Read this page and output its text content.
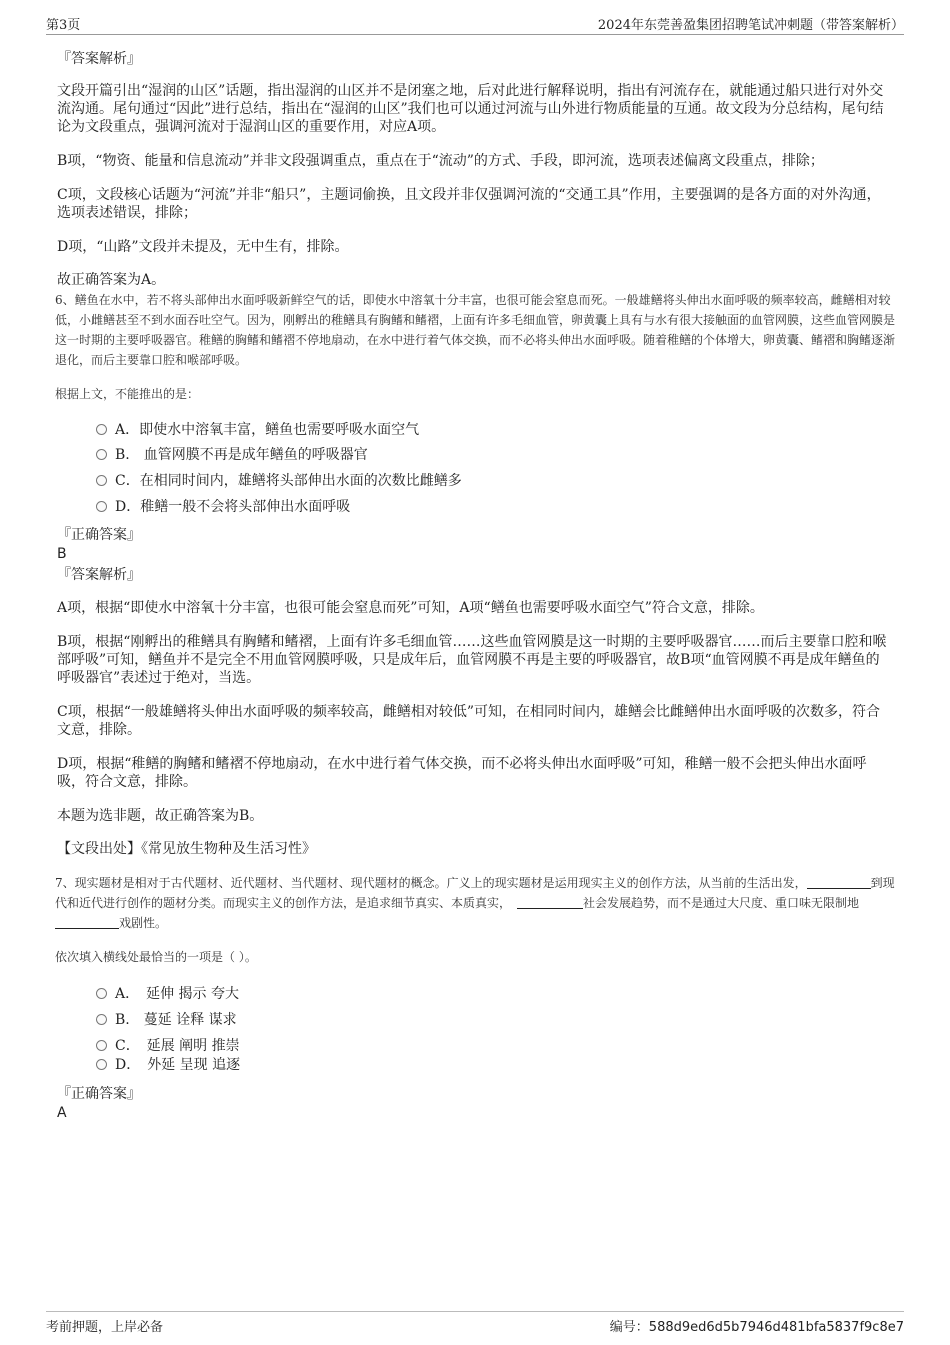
第3页	2024年东莞善盈集团招聘笔试冲刺题（带答案解析）

『答案解析』

文段开篇引出“湿润的山区”话题，指出湿润的山区并不是闭塞之地，后对此进行解释说明，指出有河流存在，就能通过船只进行对外交流沟通。尾句通过“因此”进行总结，指出在“湿润的山区”我们也可以通过河流与山外进行物质能量的互通。故文段为分总结构，尾句结论为文段重点，强调河流对于湿润山区的重要作用，对应A项。

B项，“物资、能量和信息流动”并非文段强调重点，重点在于“流动”的方式、手段，即河流，选项表述偏离文段重点，排除；

C项，文段核心话题为“河流”并非“船只”，主题词偷换，且文段并非仅强调河流的“交通工具”作用，主要强调的是各方面的对外沟通，选项表述错误，排除；

D项，“山路”文段并未提及，无中生有，排除。

故正确答案为A。

6、鳝鱼在水中，若不将头部伸出水面呼吸新鲜空气的话，即使水中溶氧十分丰富，也很可能会窒息而死。一般雄鳝将头伸出水面呼吸的频率较高，雌鳝相对较低，小雌鳝甚至不到水面吞吐空气。因为，刚孵出的稚鳝具有胸鳍和鳍褶，上面有许多毛细血管，卵黄囊上具有与水有很大接触面的血管网膜，这些血管网膜是这一时期的主要呼吸器官。稚鳝的胸鳍和鳍褶不停地扇动，在水中进行着气体交换，而不必将头伸出水面呼吸。随着稚鳝的个体增大，卵黄囊、鳍褶和胸鳍逐渐退化，而后主要靠口腔和喉部呼吸。

根据上文，不能推出的是：

A．即使水中溶氧丰富，鳝鱼也需要呼吸水面空气
B.　血管网膜不再是成年鳝鱼的呼吸器官
C．在相同时间内，雄鳝将头部伸出水面的次数比雌鳝多
D．稚鳝一般不会将头部伸出水面呼吸

『正确答案』

B

『答案解析』

A项，根据“即使水中溶氧十分丰富，也很可能会窒息而死”可知，A项“鳝鱼也需要呼吸水面空气”符合文意，排除。

B项，根据“刚孵出的稚鳝具有胸鳍和鳍褶，上面有许多毛细血管……这些血管网膜是这一时期的主要呼吸器官……而后主要靠口腔和喉部呼吸”可知，鳝鱼并不是完全不用血管网膜呼吸，只是成年后，血管网膜不再是主要的呼吸器官，故B项“血管网膜不再是成年鳝鱼的呼吸器官”表述过于绝对，当选。

C项，根据“一般雄鳝将头伸出水面呼吸的频率较高，雌鳝相对较低”可知，在相同时间内，雄鳝会比雌鳝伸出水面呼吸的次数多，符合文意，排除。

D项，根据“稚鳝的胸鳍和鳍褶不停地扇动，在水中进行着气体交换，而不必将头伸出水面呼吸”可知，稚鳝一般不会把头伸出水面呼吸，符合文意，排除。

本题为选非题，故正确答案为B。

【文段出处】《常见放生物种及生活习性》

7、现实题材是相对于古代题材、近代题材、当代题材、现代题材的概念。广义上的现实题材是运用现实主义的创作方法，从当前的生活出发，	到现代和近代进行创作的题材分类。而现实主义的创作方法，是追求细节真实、本质真实，	社会发展趋势，而不是通过大尺度、重口味无限制地戏剧性。

依次填入横线处最恰当的一项是（ ）。

A．　延伸 揭示 夸大
B.　蔓延 诠释 谋求
C．　延展 阐明 推崇
D．　外延 呈现 追逐

『正确答案』

A

考前押题，上岸必备	编号：588d9ed6d5b7946d481bfa5837f9c8e7
